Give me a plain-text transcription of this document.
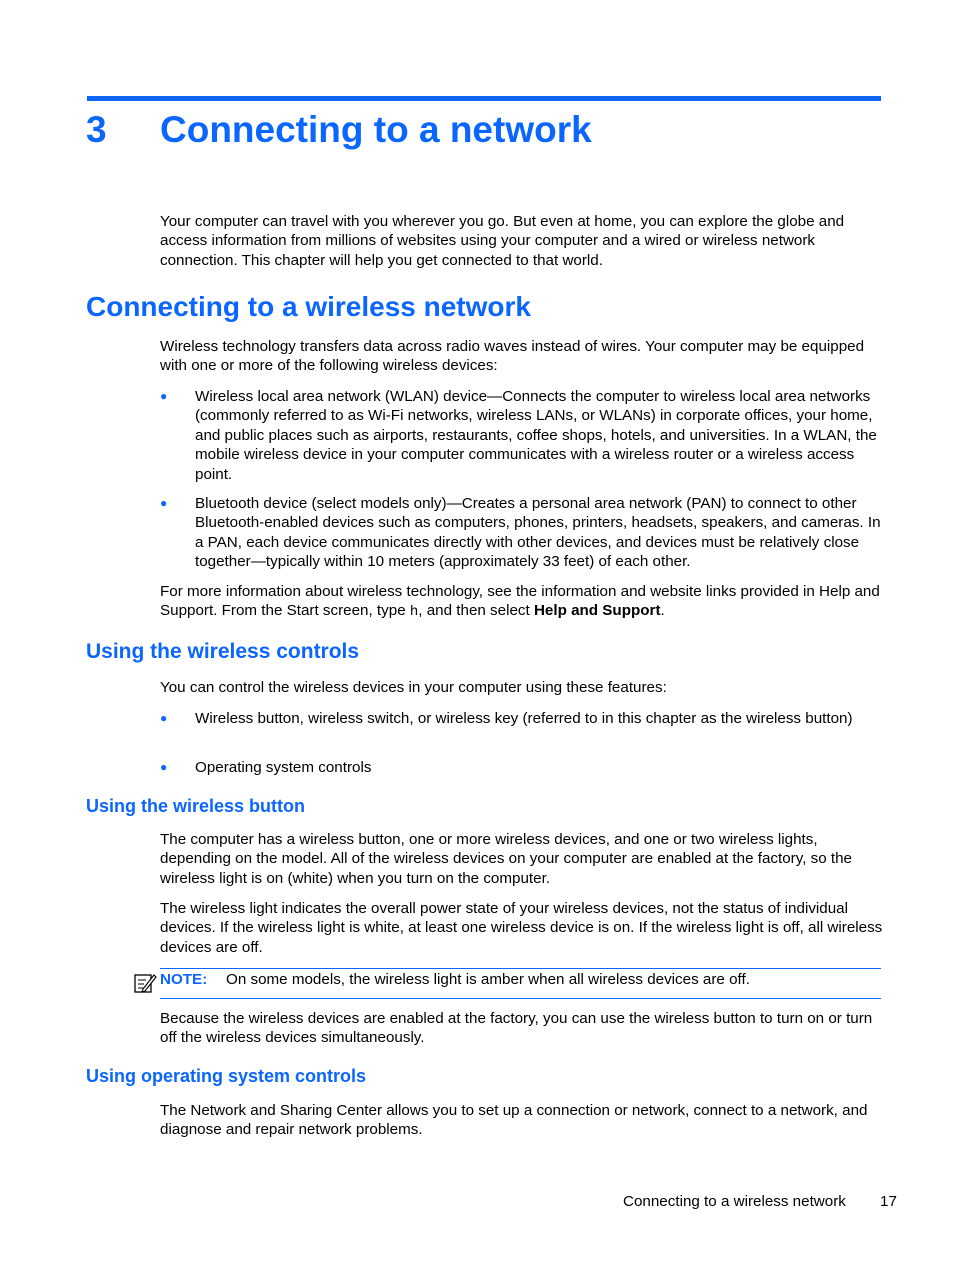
3 Connecting to a network

Your computer can travel with you wherever you go. But even at home, you can explore the globe and access information from millions of websites using your computer and a wired or wireless network connection. This chapter will help you get connected to that world.

Connecting to a wireless network

Wireless technology transfers data across radio waves instead of wires. Your computer may be equipped with one or more of the following wireless devices:

● Wireless local area network (WLAN) device—Connects the computer to wireless local area networks (commonly referred to as Wi-Fi networks, wireless LANs, or WLANs) in corporate offices, your home, and public places such as airports, restaurants, coffee shops, hotels, and universities. In a WLAN, the mobile wireless device in your computer communicates with a wireless router or a wireless access point.

● Bluetooth device (select models only)—Creates a personal area network (PAN) to connect to other Bluetooth-enabled devices such as computers, phones, printers, headsets, speakers, and cameras. In a PAN, each device communicates directly with other devices, and devices must be relatively close together—typically within 10 meters (approximately 33 feet) of each other.

For more information about wireless technology, see the information and website links provided in Help and Support. From the Start screen, type h, and then select Help and Support.

Using the wireless controls

You can control the wireless devices in your computer using these features:

● Wireless button, wireless switch, or wireless key (referred to in this chapter as the wireless button)

● Operating system controls

Using the wireless button

The computer has a wireless button, one or more wireless devices, and one or two wireless lights, depending on the model. All of the wireless devices on your computer are enabled at the factory, so the wireless light is on (white) when you turn on the computer.

The wireless light indicates the overall power state of your wireless devices, not the status of individual devices. If the wireless light is white, at least one wireless device is on. If the wireless light is off, all wireless devices are off.

NOTE: On some models, the wireless light is amber when all wireless devices are off.

Because the wireless devices are enabled at the factory, you can use the wireless button to turn on or turn off the wireless devices simultaneously.

Using operating system controls

The Network and Sharing Center allows you to set up a connection or network, connect to a network, and diagnose and repair network problems.

Connecting to a wireless network 17
